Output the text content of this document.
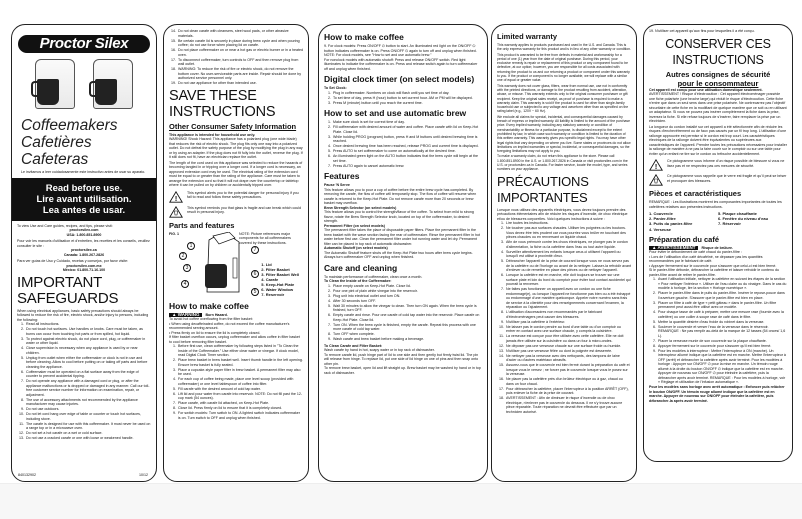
Proctor Silex
Coffeemakers
Cafetières
Cafeteras
Le invitamos a leer cuidadosamente este instructivo antes de usar su aparato.
Read before use.
Lire avant utilisation.
Lea antes de usar.
To view Use and Care guides, recipes, and tips, please visit:
proctorsilex.com
USA: 1.800.851.8900
Pour voir les manuels d'utilisation et d'entretien, les recettes et les conseils, veuillez consulter le site :
proctorsilex.ca
Canada: 1.800.267.2826
Para ver guías de Uso y Cuidado, recetas y consejos, por favor visite:
proctorsilex.com.mx
México: 01.800.71.16.100
IMPORTANT SAFEGUARDS
When using electrical appliances, basic safety precautions should always be followed to reduce the risk of fire, electric shock, and/or injury to persons, including the following:
1. Read all instructions.
2. Do not touch hot surfaces. Use handles or knobs. Care must be taken, as burns can occur from touching hot parts or from spilled, hot liquid.
3. To protect against electric shock, do not place cord, plug, or coffeemaker in water or other liquid.
4. Close supervision is necessary when any appliance is used by or near children.
5. Unplug from outlet when either the coffeemaker or clock is not in use and before cleaning. Allow to cool before putting on or taking off parts and before cleaning the appliance.
6. Coffeemaker must be operated on a flat surface away from the edge of counter to prevent accidental tipping.
7. Do not operate any appliance with a damaged cord or plug, or after the appliance malfunctions or is dropped or damaged in any manner. Call our toll-free customer service number for information on examination, repair, or adjustment.
8. The use of accessory attachments not recommended by the appliance manufacturer may cause injuries.
9. Do not use outdoors.
10. Do not let cord hang over edge of table or counter or touch hot surfaces, including stove.
11. The carafe is designed for use with this coffeemaker. It must never be used on a range top or in a microwave oven.
12. Do not set a hot carafe on a wet or cold surface.
13. Do not use a cracked carafe or one with loose or weakened handle.
840132902	10/12
14. Do not clean carafe with cleansers, steel wool pads, or other abrasive materials.
15. Be certain carafe lid is securely in place during brew cycle and when pouring coffee; do not use force when placing lid on carafe.
16. Do not place coffeemaker on or near a hot gas or electric burner or in a heated oven.
17. To disconnect coffeemaker, turn controls to OFF and then remove plug from wall outlet.
18. WARNING: To reduce the risk of fire or electric shock, do not remove the bottom cover. No user-serviceable parts are inside. Repair should be done by authorized service personnel only.
19. Do not use appliance for other than intended use.
SAVE THESE INSTRUCTIONS
Other Consumer Safety Information
This appliance is intended for household use only.
WARNING! Shock Hazard: This appliance has a polarized plug (one wide blade) that reduces the risk of electric shock. The plug fits only one way into a polarized outlet. Do not defeat the safety purpose of the plug by modifying the plug in any way or by using an adapter. If the plug does not fit fully into the outlet, reverse the plug. If it still does not fit, have an electrician replace the outlet.
The length of the cord used on this appliance was selected to reduce the hazards of becoming tangled in or tripping over a longer cord. If a longer cord is necessary, an approved extension cord may be used. The electrical rating of the extension cord must be equal to or greater than the rating of the appliance. Care must be taken to arrange the extension cord so that it will not drape over the countertop or tabletop where it can be pulled on by children or accidentally tripped over.
!
This symbol alerts you to the potential danger for personal injury if you fail to read and follow these safety precautions.
This symbol reminds you that glass is fragile and can break which could result in personal injury.
Parts and features
FIG. 1
1
2
3
4
5
6
7
NOTE: Picture references major components for all coffeemakers covered by these instructions.
1. Lid
2. Filter Basket
3. Filter Basket Well
4. Carafe
5. Keep-Hot Plate
6. Water Window
7. Reservoir
How to make coffee
▲ WARNING Burn Hazard.
To avoid hot coffee overflowing from the filter basket:
• When using decaffeinated coffee, do not exceed the coffee manufacturer's recommended serving amount.
• Press firmly on lid to ensure the lid is completely closed.
If filter basket overflow occurs, unplug coffeemaker and allow coffee in filter basket to cool before removing filter basket.
1. Before first use, clean coffeemaker by following steps listed in "To Clean the Inside of the Coffeemaker." Use either clear water or vinegar. If clock model, read Digital Clock Timer section.
2. Place brew basket in brew basket well. Insert thumb handle in the left opening. Ensure brew basket is fully seated.
3. Place a cupcake-style paper filter in brew basket. A permanent filter may also be used.
4. For each cup of coffee being made, place one level scoop (provided with coffeemaker) or one level tablespoon of coffee into filter.
5. Fill carafe with the desired amount of cold tap water.
6. Lift lid and pour water from carafe into reservoir. NOTE: Do not fill past the 12-cup mark (54 ounces).
7. Place carafe, with carafe lid attached, on Keep-Hot Plate.
8. Close lid. Press firmly on lid to ensure that it is completely closed.
9. For switch models: Turn switch to ON. A lighted switch indicates coffeemaker is on. Turn switch to OFF and unplug when finished.
How to make coffee
9. For clock models: Press ON/OFF ⏻ button to start. An illuminated red light on the ON/OFF ⏻ button indicates coffeemaker is on. Press ON/OFF ⏻ again to turn off and unplug when finished.
NOTE: For clock models, see "How to set and use automatic brew."
For nonclock models with automatic shutoff: Press and release ON/OFF switch. Red light illuminates to indicate the coffeemaker is on. Press and release switch again to turn coffeemaker off and unplug when finished.
Digital clock timer (on select models)
To Set Clock:
1. Plug in coffeemaker. Numbers on clock will flash until you set time of day.
2. To set time of day, press H (hour) button to set current hour. AM or PM will be displayed.
3. Press M (minute) button until you reach the current time.
How to set and use automatic brew
1. Make sure clock is set for correct time of day.
2. Fill coffeemaker with desired amount of water and coffee. Place carafe with lid on Keep-Hot Plate. Close lid.
3. While holding PROG (program) button, press H and M buttons until desired brewing time is reached.
4. Once desired brewing time has been reached, release PROG and current time is displayed.
5. Press AUTO to set coffeemaker to come on automatically at the desired time.
6. An illuminated green light on the AUTO button indicates that the brew cycle will begin at the set time.
7. Press AUTO again to cancel automatic brew.
Features
Pause 'N Serve
This feature allows you to pour a cup of coffee before the entire brew cycle has completed. By removing the carafe, the flow of coffee will temporarily stop. The flow of coffee will resume when carafe is returned to the Keep-Hot Plate. Do not remove carafe more than 20 seconds or brew basket may overflow.
Brew Strength Selector (on select models)
This feature allows you to control the strength/flavor of the coffee. To select from mild to strong flavor, rotate the Brew Strength Selector knob, located on top of the coffeemaker, to desired strength.
Permanent Filter (on select models)
The permanent filter takes the place of disposable paper filters. Place the permanent filter in the brew basket with the wave section facing the rear of coffeemaker. Rinse the permanent filter in hot water before first use. Clean the permanent filter under hot running water and let dry. Permanent filter can be placed in top rack of automatic dishwasher.
Automatic Shutoff (on select models)
The Automatic Shutoff feature shuts off the Keep-Hot Plate two hours after brew cycle begins. Always turn coffeemaker OFF and unplug when finished.
Care and cleaning
To maintain performance of coffeemaker, clean once a month.
To Clean the Inside of the Coffeemaker:
1. Place empty carafe on Keep-Hot Plate. Close lid.
2. Pour one pint of plain white vinegar into the reservoir.
3. Plug unit into electrical outlet and turn ON.
4. After 30 seconds turn OFF.
5. Wait 30 minutes to allow the vinegar to clean. Then turn ON again. When the brew cycle is finished, turn OFF.
6. Empty carafe and rinse. Pour one carafe of cold tap water into the reservoir. Place carafe on Keep-Hot Plate. Close lid.
7. Turn ON. When the brew cycle is finished, empty the carafe. Repeat this process with one more carafe of cold tap water.
8. Turn OFF when complete.
9. Wash carafe and brew basket before making a beverage.
To Clean Carafe and Filter Basket:
Wash carafe by hand in hot, soapy water or in top rack of dishwasher.
To remove carafe lid, push hinge part of lid to one side and then gently but firmly twist lid. The pin will release from hinge. To replace lid, put one side of lid hinge on one of pins and then snap onto other pin.
To remove brew basket, open lid and lift straight up. Brew basket may be washed by hand or in top rack of dishwasher.
Limited warranty
This warranty applies to products purchased and used in the U.S. and Canada. This is the only express warranty for this product and is in lieu of any other warranty or condition.
This product is warranted to be free from defects in material and workmanship for a period of one (1) year from the date of original purchase. During this period, your exclusive remedy is repair or replacement of this product or any component found to be defective, at our option; however, you are responsible for all costs associated with returning the product to us and our returning a product or component under this warranty to you. If the product or component is no longer available, we will replace with a similar one of equal or greater value.
This warranty does not cover glass, filters, wear from normal use, use not in conformity with the printed directions, or damage to the product resulting from accident, alteration, abuse, or misuse. This warranty extends only to the original consumer purchaser or gift recipient. Keep the original sales receipt, as proof of purchase is required to make a warranty claim. This warranty is void if the product is used for other than single-family household use or subjected to any voltage and waveform other than as specified on the rating label (e.g., 120V ~ 60 Hz).
We exclude all claims for special, incidental, and consequential damages caused by breach of express or implied warranty. All liability is limited to the amount of the purchase price. Every implied warranty, including any statutory warranty or condition of merchantability or fitness for a particular purpose, is disclaimed except to the extent prohibited by law, in which case such warranty or condition is limited to the duration of this written warranty. This warranty gives you specific legal rights. You may have other legal rights that vary depending on where you live. Some states or provinces do not allow limitations on implied warranties or special, incidental, or consequential damages, so the foregoing limitations may not apply to you.
To make a warranty claim, do not return this appliance to the store. Please call 1.800.851.8900 in the U.S. or 1.800.267.2826 in Canada or visit proctorsilex.com in the U.S. or proctorsilex.ca in Canada. For faster service, locate the model, type, and series numbers on your appliance.
PRÉCAUTIONS IMPORTANTES
Lorsque vous utilisez des appareils électriques, vous devez toujours prendre des précautions élémentaires afin de réduire les risques d'incendie, de choc électrique et/ou de blessures corporelles. Voici quelques instructions à suivre :
1. Lire toutes les instructions.
2. Ne toucher pas aux surfaces chaudes. Utiliser les poignées ou les boutons. Vous devez être très prudent car vous pourriez vous brûler en touchant des pièces chaudes ou en renversant un liquide chaud.
3. Afin de vous prémunir contre les chocs électriques, ne plonger pas le cordon d'alimentation, la fiche ou la cafetière dans l'eau ou tout autre liquide.
4. Surveiller attentivement les enfants lorsque ceux-ci utilisent l'appareil ou lorsqu'il est utilisé à proximité d'eux.
5. Débrancher l'appareil de la prise de courant lorsque vous ne vous servez pas de la cafetière ou de l'horloge ou avant de la nettoyer. Laisser-la refroidir avant d'enlever ou de remettre en place des pièces ou de nettoyer l'appareil.
6. Lorsque la cafetière est en marche, elle doit toujours se trouver sur une surface plate et loin du bord du comptoir pour éviter tout contact accidentel qui pourrait la renverser.
7. Ne faites pas fonctionner un appareil avec un cordon ou une fiche endommagé(e), ou lorsque l'appareil ne fonctionne pas bien ou a été échappé ou endommagé d'une manière quelconque. Appeler notre numéro sans frais de service à la clientèle pour des renseignements concernant l'examen, la réparation ou l'ajustement.
8. L'utilisation d'accessoires non recommandés par le fabricant d'électroménagers peut causer des blessures.
9. N'utiliser pas la cafetière à l'extérieur.
10. Ne laisser pas le cordon pendre au bord d'une table ou d'un comptoir ou entrer en contact avec une surface chaude, y compris la cuisinière.
11. La verseuse est conçue pour être utilisée avec cette cafetière. Elle ne doit jamais être utilisée sur la cuisinière ou dans un four à micro-ondes.
12. Ne déposer pas une verseuse chaude sur une surface froide ou humide.
13. N'utiliser pas une verseuse fêlée ou dont la poignée est desserrée.
14. Ne nettoyer pas la verseuse avec des nettoyants, des tampons de laine d'acier ou d'autres matériaux abrasifs.
15. Assurez-vous que le couvercle est bien fermé durant la préparation du café et lorsque vous le versez ; ne forcer pas le couvercle lorsque vous le posez sur la verseuse.
16. Ne placer pas la cafetière près d'un brûleur électrique ou à gaz, chaud ou dans un four chaud.
17. Pour débrancher la cafetière, placer l'interrupteur à la position ARRÊT (OFF), puis enlever la fiche de la prise de courant.
18. AVERTISSEMENT : Afin de diminuer le risque d'incendie ou de choc électrique, n'enlever pas le couvercle du dessous. Il ne s'y trouve aucune pièce réparable. Toute réparation ne devrait être effectuée que par un technicien autorisé.
19. N'utiliser cet appareil qu'aux fins pour lesquelles il a été conçu.
CONSERVER CES INSTRUCTIONS
Autres consignes de sécurité
pour le consommateur
Cet appareil est conçu pour une utilisation domestique seulement.
AVERTISSEMENT ! Risque d'électrocution : Cet appareil électroménager possède une fiche polarisée (une broche large) qui réduit le risque d'électrocution. Cette fiche n'entre que dans un seul sens dans une prise polarisée. Ne contrecarrez pas l'objectif sécuritaire de cette fiche en la modifiant de quelque manière que ce soit ou en utilisant un adaptateur. Si vous ne pouvez pas insérer complètement la fiche dans la prise, inversez la fiche. Si elle refuse toujours de s'insérer, faire remplacer la prise par un électricien.
La longueur du cordon installé sur cet appareil a été sélectionnée afin de réduire les risques d'enchevêtrement ou de faux pas causés par un fil trop long. L'utilisation d'une rallonge approuvée est permise si le cordon est trop court. Les caractéristiques électriques de la rallonge doivent être équivalentes ou supérieures aux caractéristiques de l'appareil. Prendre toutes les précautions nécessaires pour installer la rallonge de manière à ne pas la faire courir sur le comptoir ou sur une table pour éviter qu'un enfant ne tire sur le cordon ou trébuche accidentellement.
!
Ce pictogramme vous informe d'un risque possible de blessure si vous ne lisez pas et ne respectez pas ces mesures de sécurité.
Ce pictogramme vous rappelle que le verre est fragile et qu'il peut se briser et provoquer des blessures.
Pièces et caractéristiques
REMARQUE : Les illustrations montrent les composantes importantes de toutes les cafetières relatives aux présentes instructions.
1. Couvercle	5. Plaque chauffante
2. Panier-filtre	6. Fenêtre du niveau d'eau
3. Puits du panier-filtre	7. Réservoir
4. Verseuse
Préparation du café
▲ AVERTISSEMENT Risque de brûlure.
Pour éviter le débordement de café chaud du panier-filtre :
• Lors de l'utilisation d'un café décaféiné, ne dépasser pas les quantités recommandées par le fabricant de café.
• Appuyer fermement sur le couvercle pour s'assurer que celui-ci est bien fermé.
Si le panier-filtre déborde, débrancher la cafetière et laisser refroidir le contenu du panier-filtre avant de retirer le panier-filtre.
1. Avant l'utilisation initiale, nettoyer la cafetière en suivant les étapes de la section « Pour nettoyer l'intérieur ». Utiliser de l'eau claire ou du vinaigre. Dans le cas du modèle à horloge, lire la section « Horloge numérique ».
2. Placer le panier-filtre dans le puits du panier-filtre. Insérer le repose-pouce dans l'ouverture gauche. S'assurer que le panier-filtre est bien en place.
3. Placer un filtre à café de type « petit gâteau » dans le panier-filtre. Un filtre permanent peut aussi être utilisé avec ce modèle.
4. Pour chaque tasse de café à préparer, mettre une mesure rase (fournie avec la cafetière) ou une cuiller à soupe rase de café dans le filtre.
5. Mettre la quantité désirée d'eau froide du robinet dans la verseuse.
6. Soulever le couvercle et verser l'eau de la verseuse dans le réservoir. REMARQUE : Ne pas remplir au-delà de la marque de 12 tasses (54 onces/ 1,6 L).
7. Placer la verseuse munie de son couvercle sur la plaque chauffante.
8. Appuyer fermement sur le couvercle pour s'assurer qu'il est bien fermé.
9. Pour les modèles à interrupteur : Mettre l'interrupteur à ON (marche). Un interrupteur allumé indique que la cafetière est en marche. Mettre l'interrupteur à OFF (arrêt) et débrancher la cafetière après avoir terminé. Pour les modèles à horloge : Appuyer sur ON/OFF ⏻ pour la mise en marche. Un témoin rouge allumé à la droite du bouton ON/OFF ⏻ indique que la cafetière est en marche. Appuyer de nouveau sur ON/OFF ⏻ pour éteindre la cafetière, puis la débrancher après avoir terminé. REMARQUE : Pour les modèles à horloge, voir « Réglage et utilisation de l'infusion automatique ».
Pour les modèles sans horloge avec arrêt automatique : Enfoncer puis relâcher le bouton ON/OFF. Un témoin rouge allumé indique que la cafetière est en marche. Appuyer de nouveau sur ON/OFF pour éteindre la cafetière, puis débrancher-la après avoir terminé.
